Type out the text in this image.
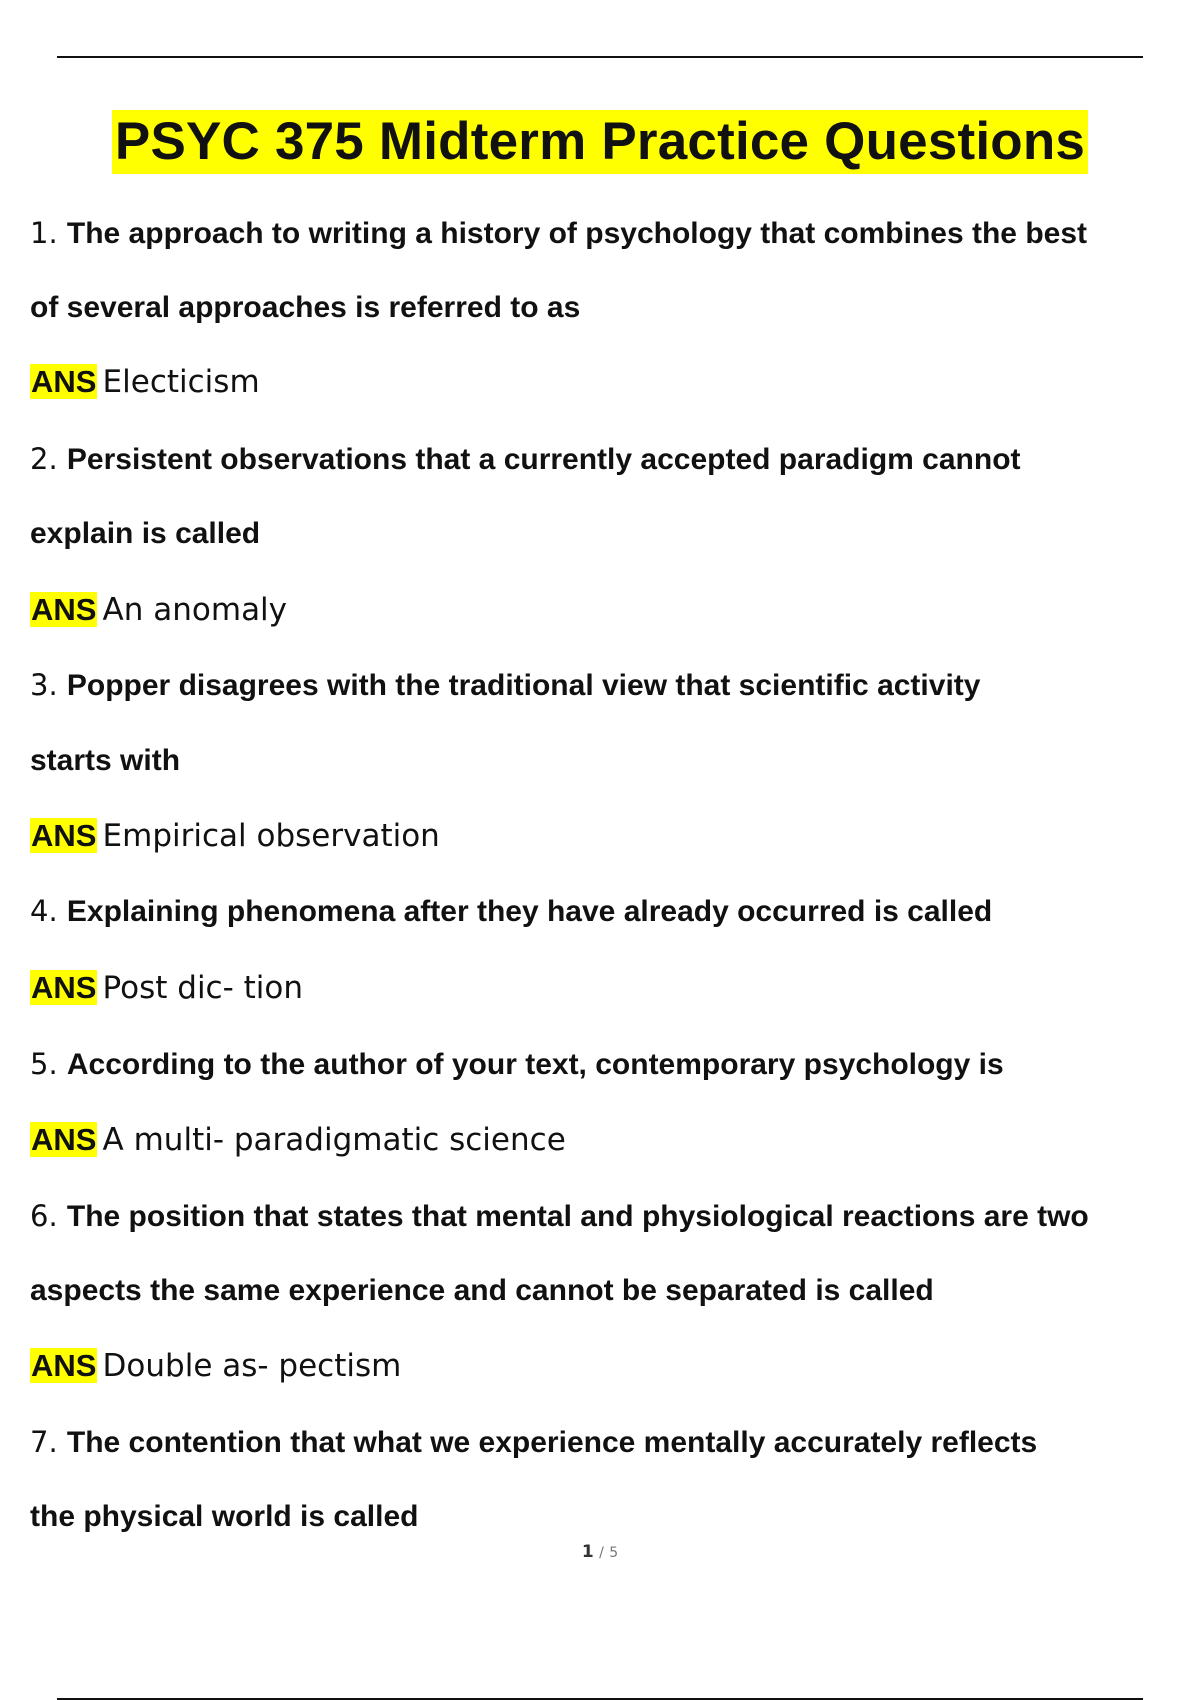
PSYC 375 Midterm Practice Questions
1. The approach to writing a history of psychology that combines the best
of several approaches is referred to as
ANS Electicism
2. Persistent observations that a currently accepted paradigm cannot
explain is called
ANS An anomaly
3. Popper disagrees with the traditional view that scientific activity
starts with
ANS Empirical observation
4. Explaining phenomena after they have already occurred is called
ANS Post dic- tion
5. According to the author of your text, contemporary psychology is
ANS A multi- paradigmatic science
6. The position that states that mental and physiological reactions are two
aspects the same experience and cannot be separated is called
ANS Double as- pectism
7. The contention that what we experience mentally accurately reflects
the physical world is called
1 / 5
